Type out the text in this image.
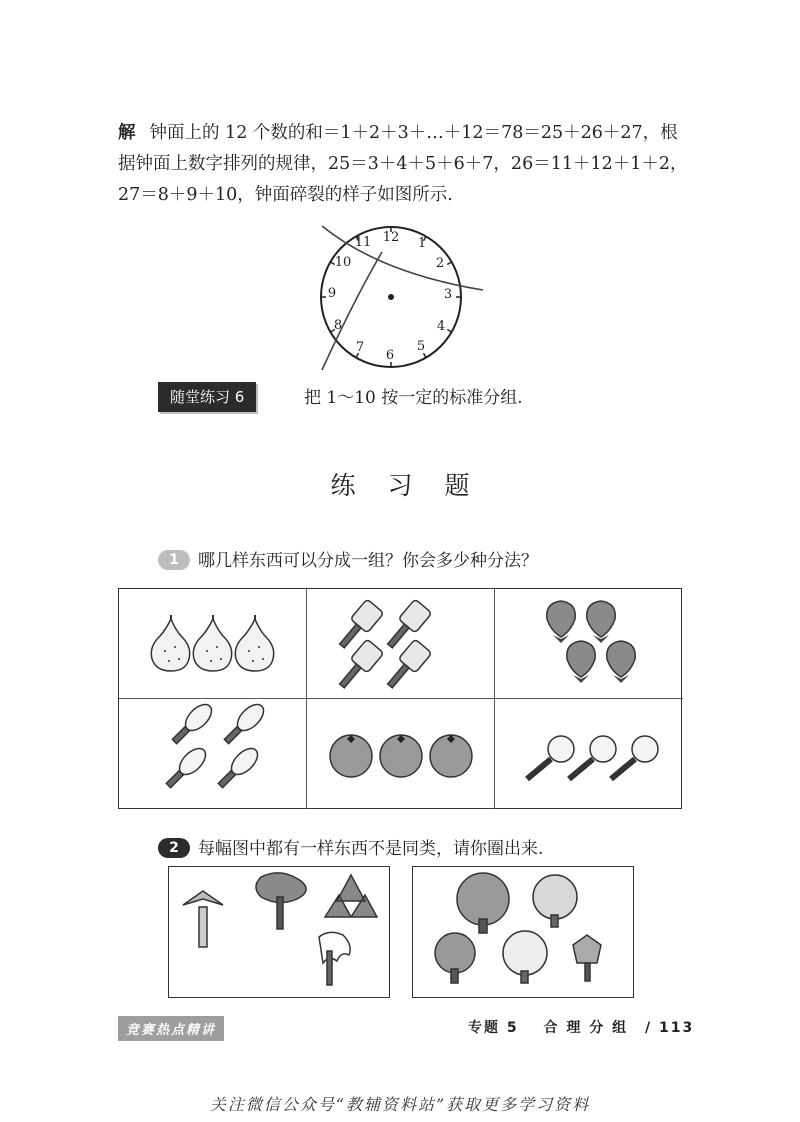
解 钟面上的 12 个数的和＝1＋2＋3＋…＋12＝78＝25＋26＋27，根据钟面上数字排列的规律，25＝3＋4＋5＋6＋7，26＝11＋12＋1＋2，27＝8＋9＋10，钟面碎裂的样子如图所示.
12 1
2
3
4
5
6
7
8
9
10
11
随堂练习 6	把 1～10 按一定的标准分组.
练习题
1 哪几样东西可以分成一组？你会多少种分法？
2 每幅图中都有一样东西不是同类，请你圈出来.
竞赛热点精讲	专题 5 合 理 分 组 / 113
关注微信公众号“教辅资料站”获取更多学习资料
